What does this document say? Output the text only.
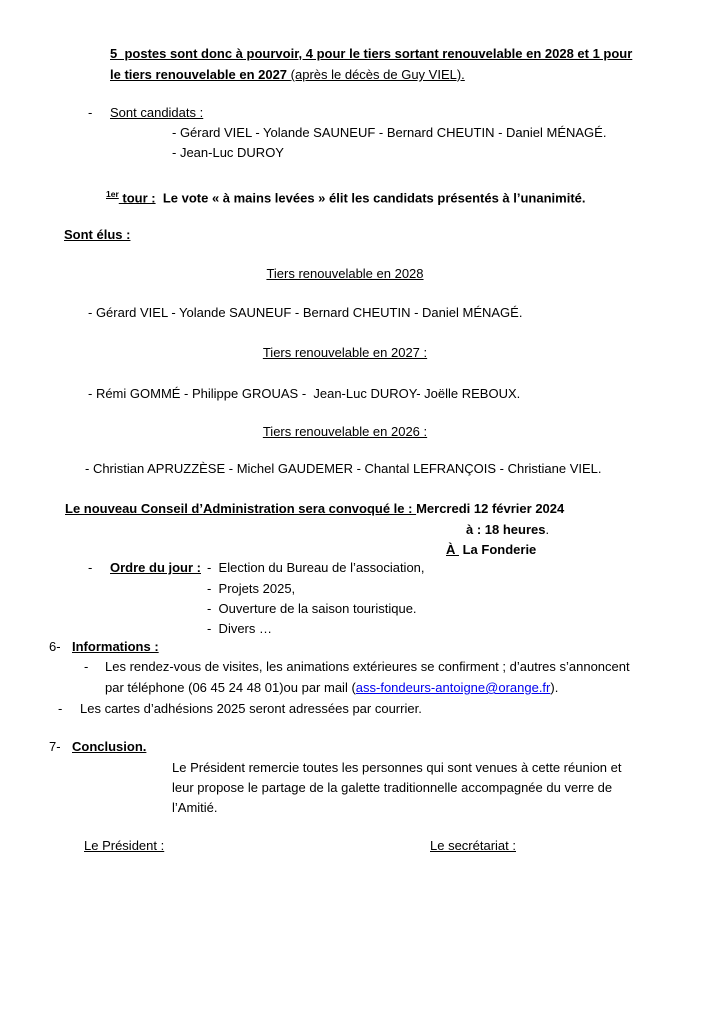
5  postes sont donc à pourvoir, 4 pour le tiers sortant renouvelable en 2028 et 1 pour
le tiers renouvelable en 2027 (après le décès de Guy VIEL).
- Sont candidats :
- Gérard VIEL - Yolande SAUNEUF - Bernard CHEUTIN - Daniel MÉNAGÉ.
- Jean-Luc DUROY
$^{1er}$ tour :  Le vote « à mains levées » élit les candidats présentés à l’unanimité.
Sont élus :
Tiers renouvelable en 2028
- Gérard VIEL - Yolande SAUNEUF - Bernard CHEUTIN - Daniel MÉNAGÉ.
Tiers renouvelable en 2027 :
- Rémi GOMMÉ - Philippe GROUAS -  Jean-Luc DUROY- Joëlle REBOUX.
Tiers renouvelable en 2026 :
- Christian APRUZZÈSE - Michel GAUDEMER - Chantal LEFRANÇOIS - Christiane VIEL.
Le nouveau Conseil d’Administration sera convoqué le : Mercredi 12 février 2024
à : 18 heures.
À  La Fonderie
- Ordre du jour : -  Election du Bureau de l’association,
-  Projets 2025,
-  Ouverture de la saison touristique.
-  Divers …
6- Informations :
- Les rendez-vous de visites, les animations extérieures se confirment ; d’autres s’annoncent
par téléphone (06 45 24 48 01)ou par mail (ass-fondeurs-antoigne@orange.fr).
- Les cartes d’adhésions 2025 seront adressées par courrier.
7- Conclusion.
Le Président remercie toutes les personnes qui sont venues à cette réunion et
leur propose le partage de la galette traditionnelle accompagnée du verre de
l’Amitié.
Le Président :	Le secrétariat :
